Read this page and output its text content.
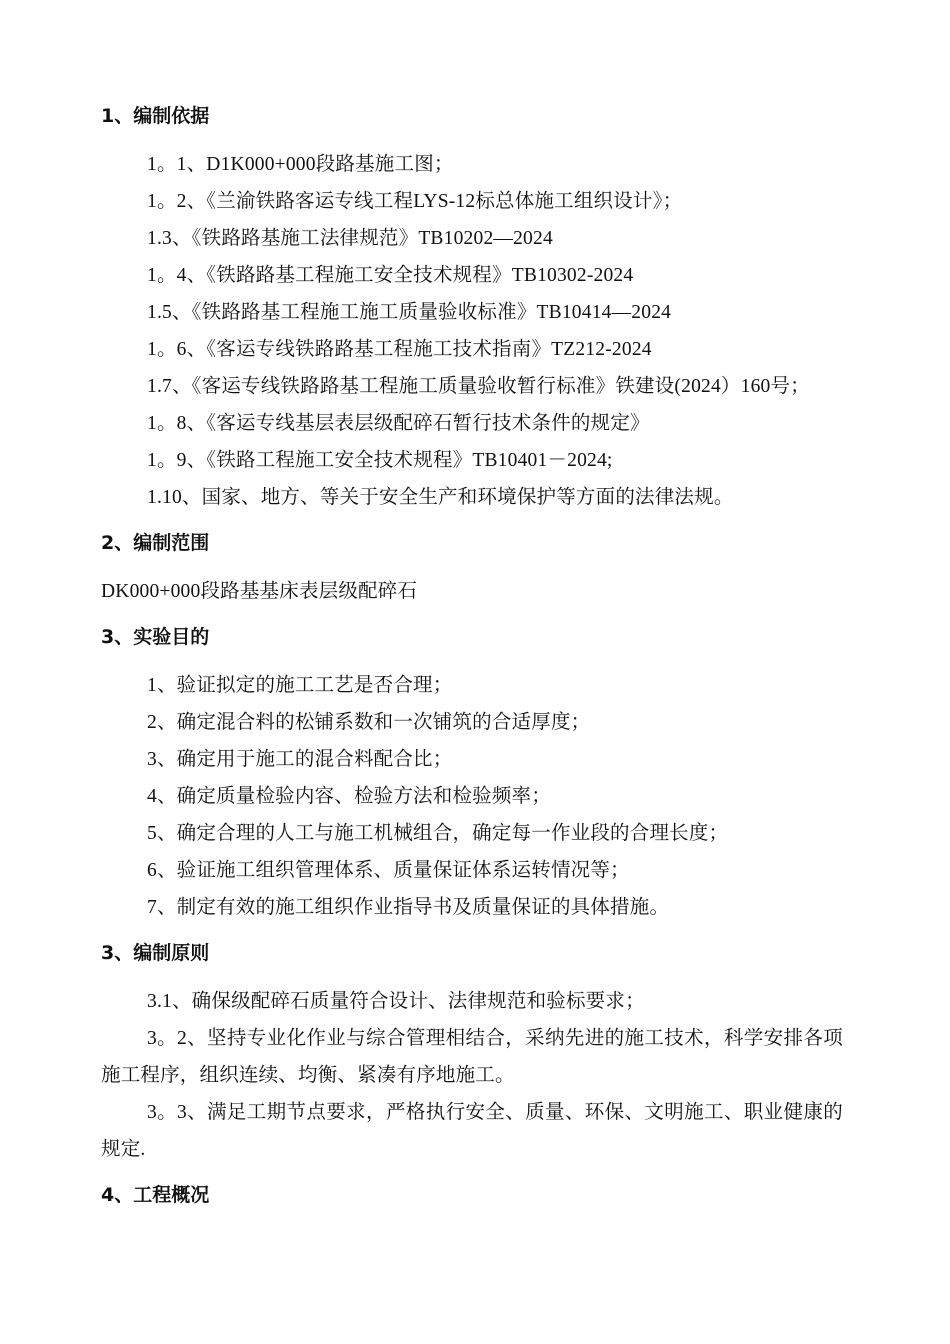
1、编制依据

1。1、D1K000+000段路基施工图；

1。2、《兰渝铁路客运专线工程LYS-12标总体施工组织设计》；

1.3、《铁路路基施工法律规范》TB10202—2024

1。4、《铁路路基工程施工安全技术规程》TB10302-2024

1.5、《铁路路基工程施工施工质量验收标准》TB10414—2024

1。6、《客运专线铁路路基工程施工技术指南》TZ212-2024

1.7、《客运专线铁路路基工程施工质量验收暂行标准》铁建设(2024）160号；

1。8、《客运专线基层表层级配碎石暂行技术条件的规定》

1。9、《铁路工程施工安全技术规程》TB10401－2024;

1.10、国家、地方、等关于安全生产和环境保护等方面的法律法规。

2、编制范围

DK000+000段路基基床表层级配碎石

3、实验目的

1、验证拟定的施工工艺是否合理；

2、确定混合料的松铺系数和一次铺筑的合适厚度；

3、确定用于施工的混合料配合比；

4、确定质量检验内容、检验方法和检验频率；

5、确定合理的人工与施工机械组合，确定每一作业段的合理长度；

6、验证施工组织管理体系、质量保证体系运转情况等；

7、制定有效的施工组织作业指导书及质量保证的具体措施。

3、编制原则

3.1、确保级配碎石质量符合设计、法律规范和验标要求；

3。2、坚持专业化作业与综合管理相结合，采纳先进的施工技术，科学安排各项施工程序，组织连续、均衡、紧凑有序地施工。

3。3、满足工期节点要求，严格执行安全、质量、环保、文明施工、职业健康的规定.

4、工程概况
